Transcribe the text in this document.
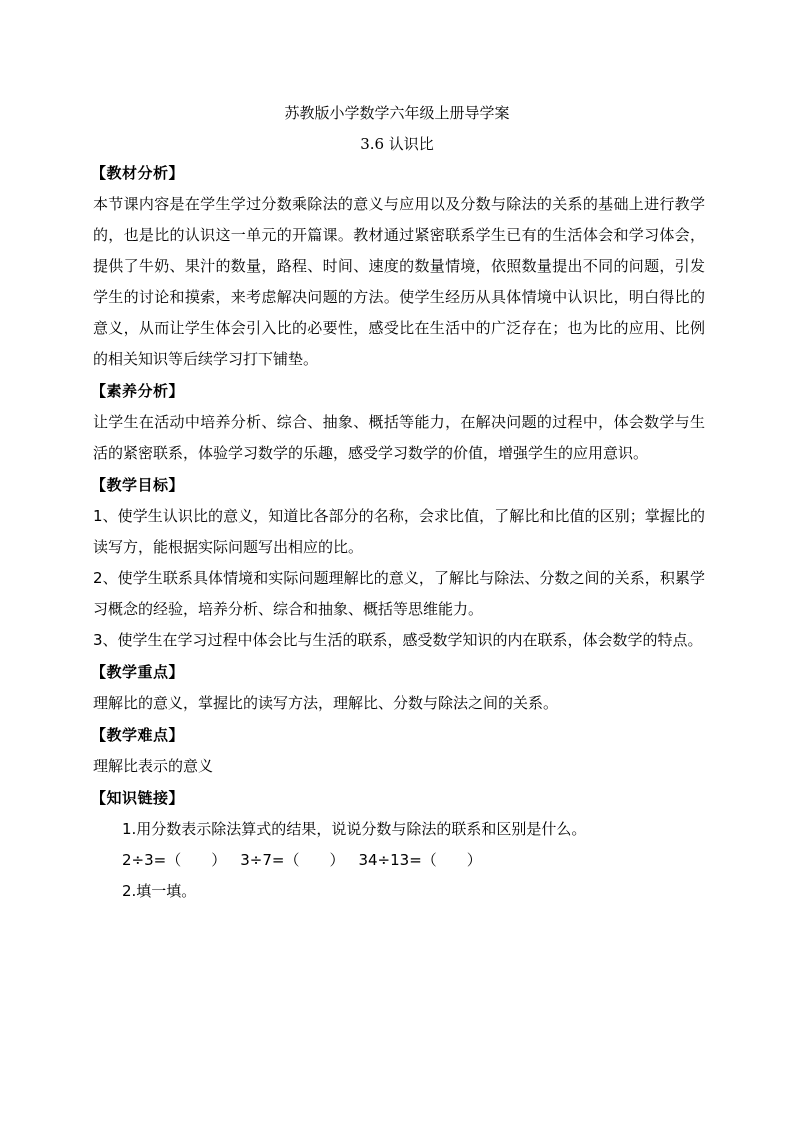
苏教版小学数学六年级上册导学案
3.6 认识比
【教材分析】
本节课内容是在学生学过分数乘除法的意义与应用以及分数与除法的关系的基础上进行教学的，也是比的认识这一单元的开篇课。教材通过紧密联系学生已有的生活体会和学习体会，提供了牛奶、果汁的数量，路程、时间、速度的数量情境，依照数量提出不同的问题，引发学生的讨论和摸索，来考虑解决问题的方法。使学生经历从具体情境中认识比，明白得比的意义，从而让学生体会引入比的必要性，感受比在生活中的广泛存在；也为比的应用、比例的相关知识等后续学习打下铺垫。
【素养分析】
让学生在活动中培养分析、综合、抽象、概括等能力，在解决问题的过程中，体会数学与生活的紧密联系，体验学习数学的乐趣，感受学习数学的价值，增强学生的应用意识。
【教学目标】
1、使学生认识比的意义，知道比各部分的名称，会求比值，了解比和比值的区别；掌握比的读写方，能根据实际问题写出相应的比。
2、使学生联系具体情境和实际问题理解比的意义，了解比与除法、分数之间的关系，积累学习概念的经验，培养分析、综合和抽象、概括等思维能力。
3、使学生在学习过程中体会比与生活的联系，感受数学知识的内在联系，体会数学的特点。
【教学重点】
理解比的意义，掌握比的读写方法，理解比、分数与除法之间的关系。
【教学难点】
理解比表示的意义
【知识链接】
1.用分数表示除法算式的结果，说说分数与除法的联系和区别是什么。
2÷3=（　　） 3÷7=（　　） 34÷13=（　　）
2.填一填。
